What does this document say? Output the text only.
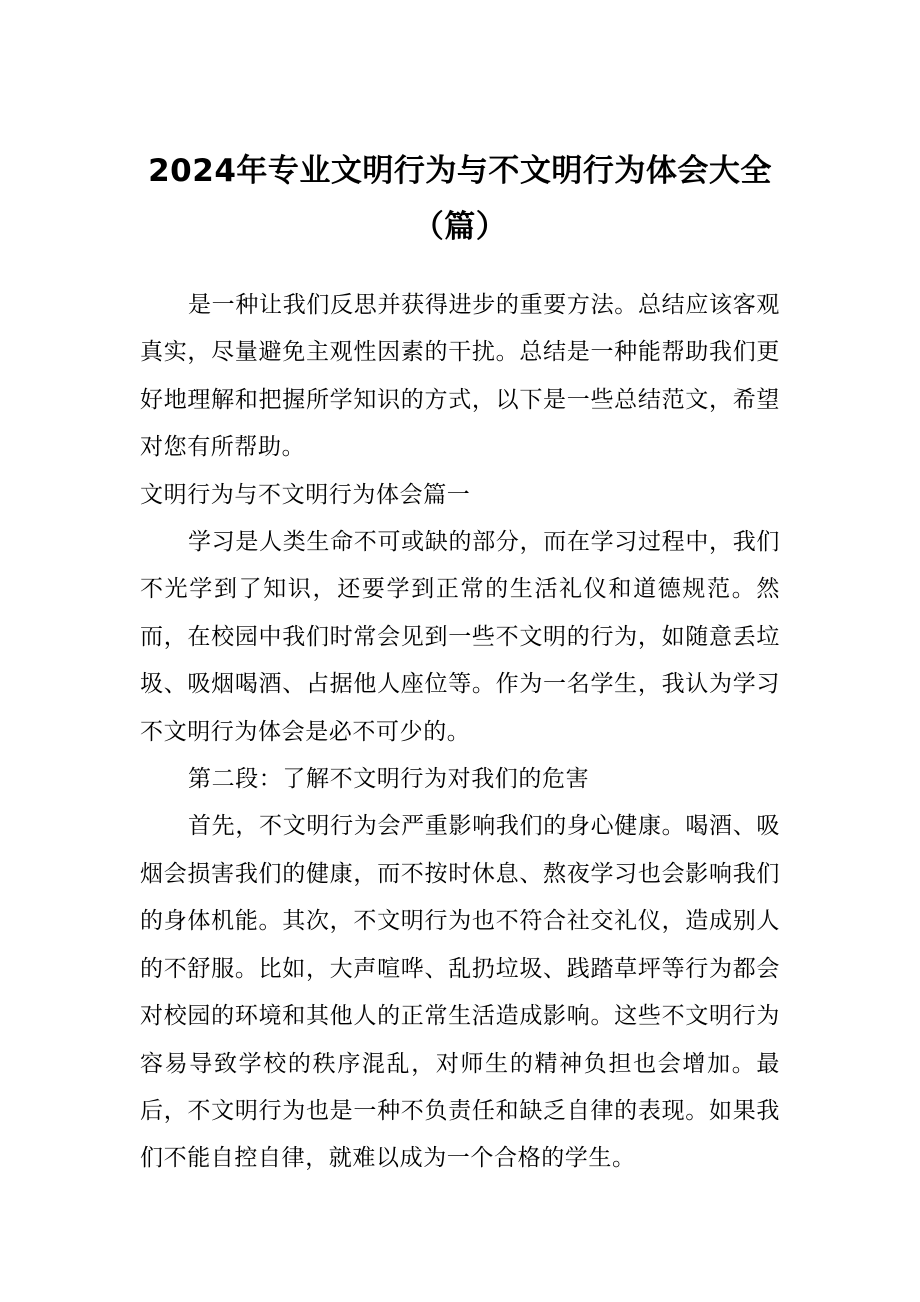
2024年专业文明行为与不文明行为体会大全（篇）

是一种让我们反思并获得进步的重要方法。总结应该客观真实，尽量避免主观性因素的干扰。总结是一种能帮助我们更好地理解和把握所学知识的方式，以下是一些总结范文，希望对您有所帮助。

文明行为与不文明行为体会篇一

学习是人类生命不可或缺的部分，而在学习过程中，我们不光学到了知识，还要学到正常的生活礼仪和道德规范。然而，在校园中我们时常会见到一些不文明的行为，如随意丢垃圾、吸烟喝酒、占据他人座位等。作为一名学生，我认为学习不文明行为体会是必不可少的。

第二段：了解不文明行为对我们的危害

首先，不文明行为会严重影响我们的身心健康。喝酒、吸烟会损害我们的健康，而不按时休息、熬夜学习也会影响我们的身体机能。其次，不文明行为也不符合社交礼仪，造成别人的不舒服。比如，大声喧哗、乱扔垃圾、践踏草坪等行为都会对校园的环境和其他人的正常生活造成影响。这些不文明行为容易导致学校的秩序混乱，对师生的精神负担也会增加。最后，不文明行为也是一种不负责任和缺乏自律的表现。如果我们不能自控自律，就难以成为一个合格的学生。
